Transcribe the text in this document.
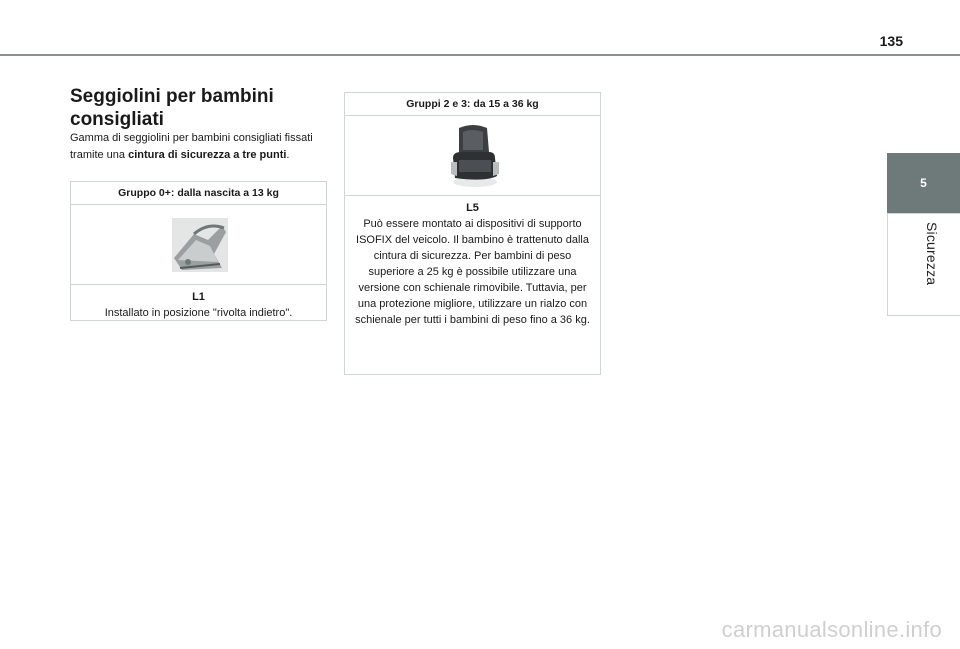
135
5
Sicurezza
Seggiolini per bambini consigliati

Gamma di seggiolini per bambini consigliati fissati tramite una cintura di sicurezza a tre punti.

Gruppo 0+: dalla nascita a 13 kg
L1
Installato in posizione "rivolta indietro".
Gruppi 2 e 3: da 15 a 36 kg
L5
Può essere montato ai dispositivi di supporto ISOFIX del veicolo. Il bambino è trattenuto dalla cintura di sicurezza. Per bambini di peso superiore a 25 kg è possibile utilizzare una versione con schienale rimovibile. Tuttavia, per una protezione migliore, utilizzare un rialzo con schienale per tutti i bambini di peso fino a 36 kg.
carmanualsonline.info
